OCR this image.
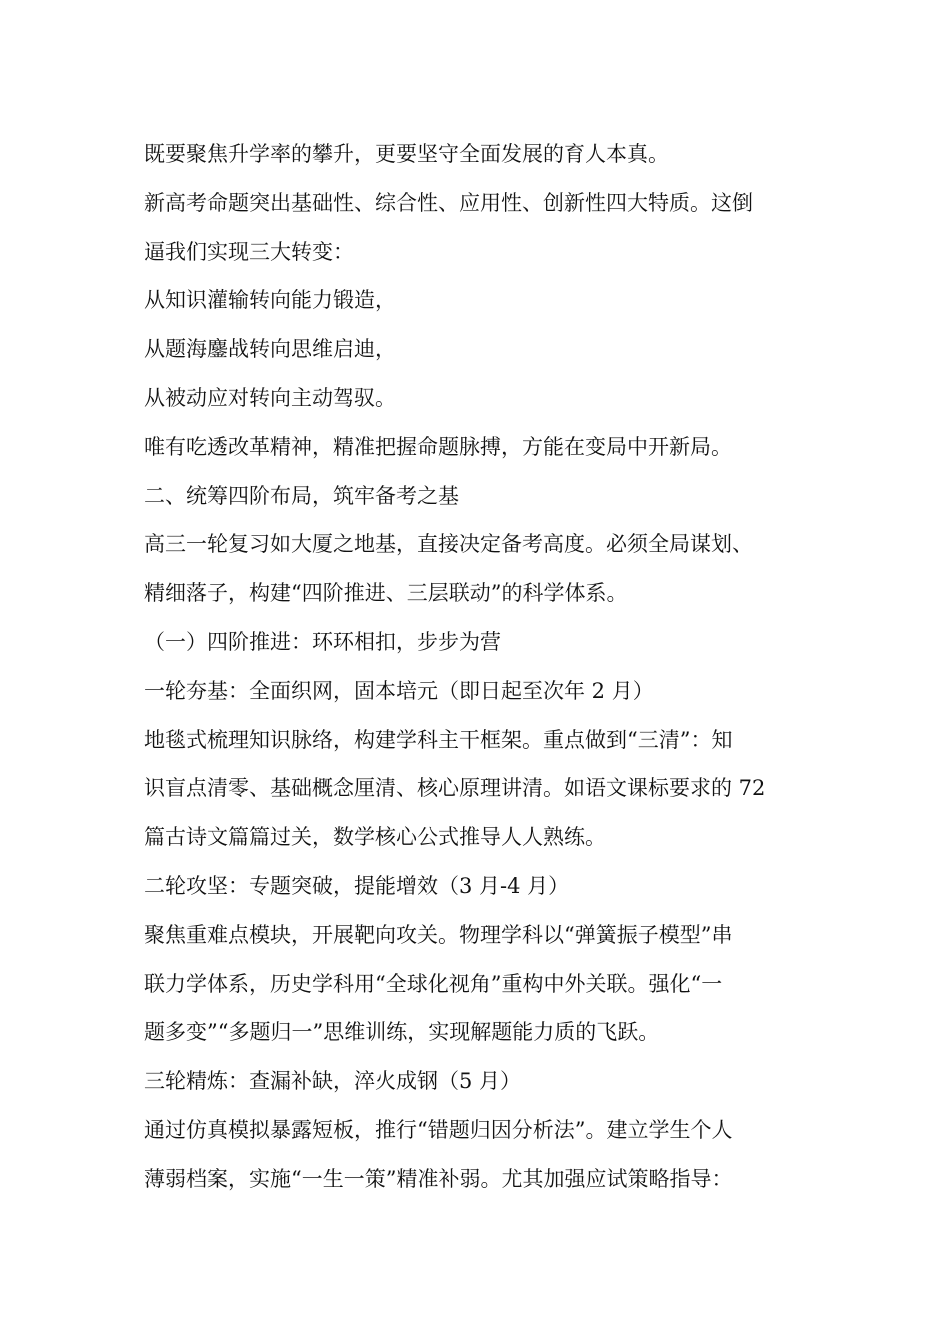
既要聚焦升学率的攀升，更要坚守全面发展的育人本真。
新高考命题突出基础性、综合性、应用性、创新性四大特质。这倒
逼我们实现三大转变：
从知识灌输转向能力锻造，
从题海鏖战转向思维启迪，
从被动应对转向主动驾驭。
唯有吃透改革精神，精准把握命题脉搏，方能在变局中开新局。
二、统筹四阶布局，筑牢备考之基
高三一轮复习如大厦之地基，直接决定备考高度。必须全局谋划、
精细落子，构建“四阶推进、三层联动”的科学体系。
（一）四阶推进：环环相扣，步步为营
一轮夯基：全面织网，固本培元（即日起至次年 2 月）
地毯式梳理知识脉络，构建学科主干框架。重点做到“三清”：知
识盲点清零、基础概念厘清、核心原理讲清。如语文课标要求的 72
篇古诗文篇篇过关，数学核心公式推导人人熟练。
二轮攻坚：专题突破，提能增效（3 月-4 月）
聚焦重难点模块，开展靶向攻关。物理学科以“弹簧振子模型”串
联力学体系，历史学科用“全球化视角”重构中外关联。强化“一
题多变”“多题归一”思维训练，实现解题能力质的飞跃。
三轮精炼：查漏补缺，淬火成钢（5 月）
通过仿真模拟暴露短板，推行“错题归因分析法”。建立学生个人
薄弱档案，实施“一生一策”精准补弱。尤其加强应试策略指导：
